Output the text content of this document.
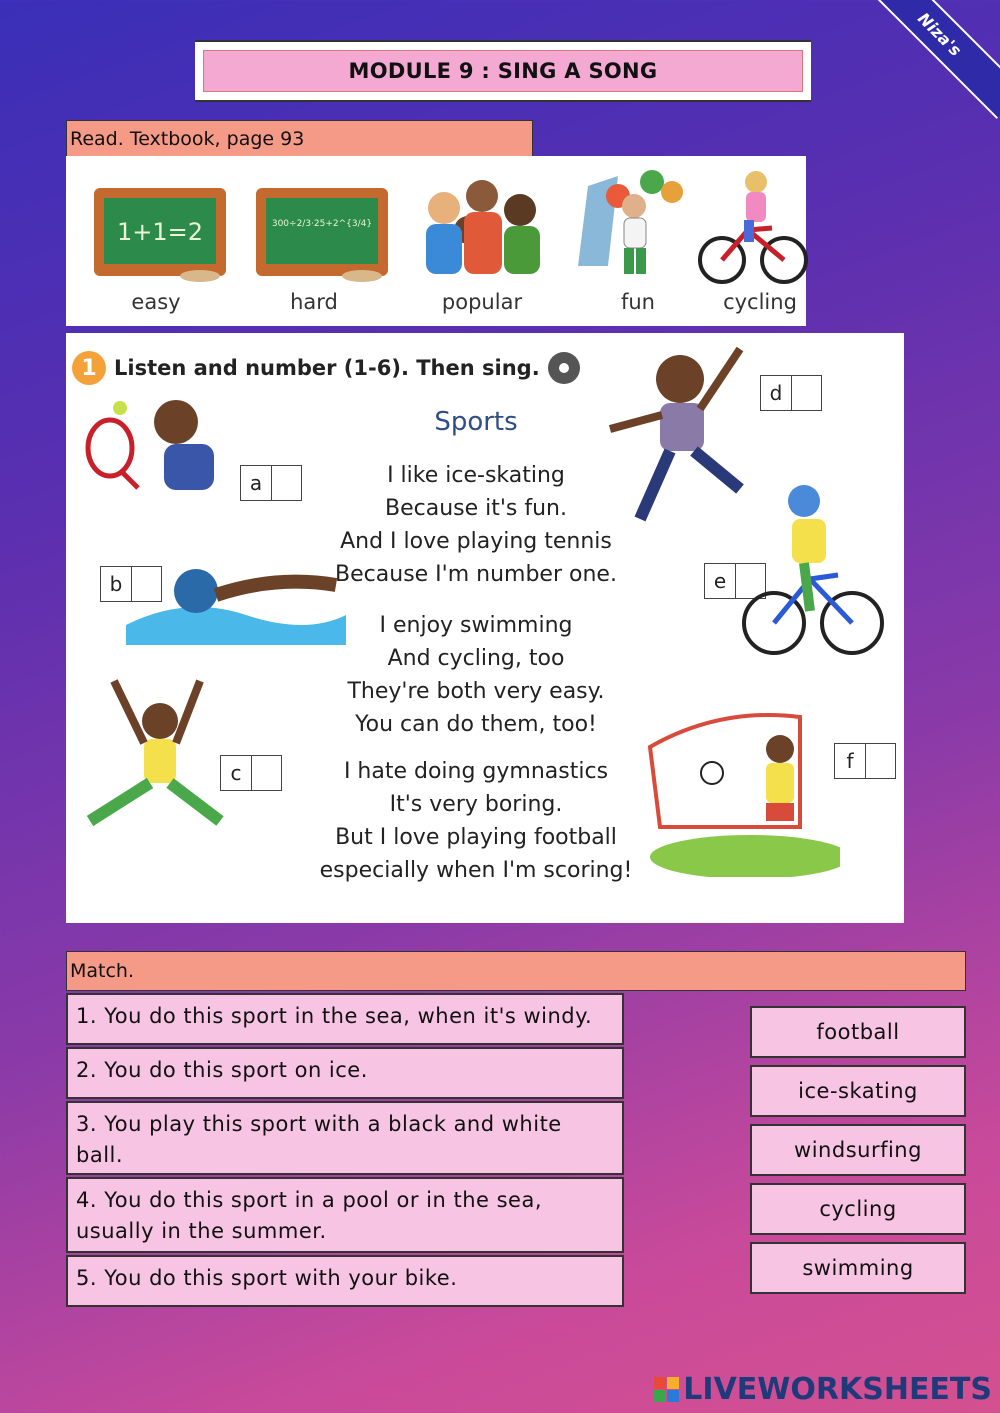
MODULE 9 : SING A SONG
Niza's
Read. Textbook, page 93
1+1=2
easy
300÷2/3·25+2^{3/4}
hard	popular	fun	cycling
1 Listen and number (1-6). Then sing.
Sports
I like ice-skating
Because it's fun.
And I love playing tennis
Because I'm number one.
I enjoy swimming
And cycling, too
They're both very easy.
You can do them, too!
I hate doing gymnastics
It's very boring.
But I love playing football
especially when I'm scoring!
a
b
c
d
e
f
Match.
1. You do this sport in the sea, when it's windy.
2. You do this sport on ice.
3. You play this sport with a black and white ball.
4. You do this sport in a pool or in the sea, usually in the summer.
5. You do this sport with your bike.
football
ice-skating
windsurfing
cycling
swimming
LIVEWORKSHEETS
